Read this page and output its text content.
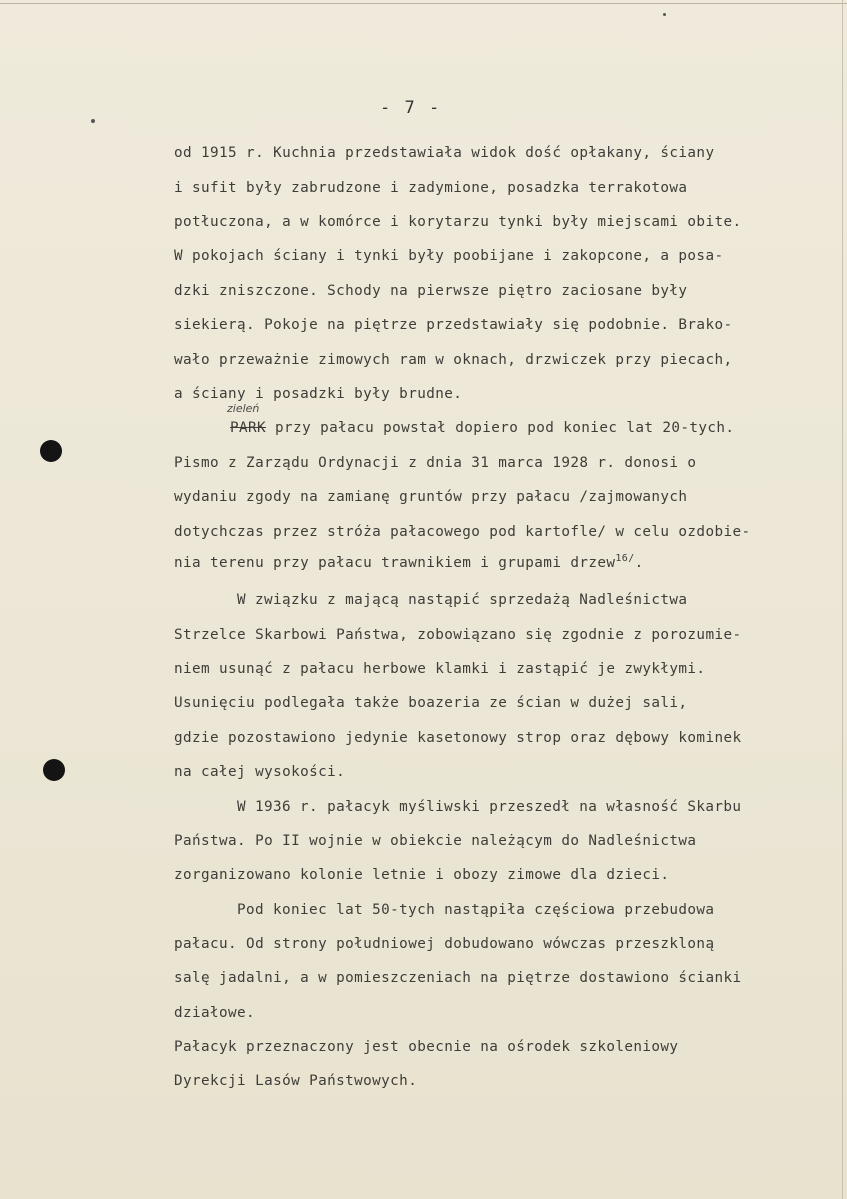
- 7 -
od 1915 r. Kuchnia przedstawiała widok dość opłakany, ściany
i sufit były zabrudzone i zadymione, posadzka terrakotowa
potłuczona, a w komórce i korytarzu tynki były miejscami obite.
W pokojach ściany i tynki były poobijane i zakopcone, a posa-
dzki zniszczone. Schody na pierwsze piętro zaciosane były
siekierą. Pokoje na piętrze przedstawiały się podobnie. Brako-
wało przeważnie zimowych ram w oknach, drzwiczek przy piecach,
a ściany i posadzki były brudne.
zieleń
PARK przy pałacu powstał dopiero pod koniec lat 20-tych.
Pismo z Zarządu Ordynacji z dnia 31 marca 1928 r. donosi o
wydaniu zgody na zamianę gruntów przy pałacu /zajmowanych
dotychczas przez stróża pałacowego pod kartofle/ w celu ozdobie-
nia terenu przy pałacu trawnikiem i grupami drzew$^{16/}$.
W związku z mającą nastąpić sprzedażą Nadleśnictwa
Strzelce Skarbowi Państwa, zobowiązano się zgodnie z porozumie-
niem usunąć z pałacu herbowe klamki i zastąpić je zwykłymi.
Usunięciu podlegała także boazeria ze ścian w dużej sali,
gdzie pozostawiono jedynie kasetonowy strop oraz dębowy kominek
na całej wysokości.
W 1936 r. pałacyk myśliwski przeszedł na własność Skarbu
Państwa. Po II wojnie w obiekcie należącym do Nadleśnictwa
zorganizowano kolonie letnie i obozy zimowe dla dzieci.
Pod koniec lat 50-tych nastąpiła częściowa przebudowa
pałacu. Od strony południowej dobudowano wówczas przeszkloną
salę jadalni, a w pomieszczeniach na piętrze dostawiono ścianki
działowe.
Pałacyk przeznaczony jest obecnie na ośrodek szkoleniowy
Dyrekcji Lasów Państwowych.
